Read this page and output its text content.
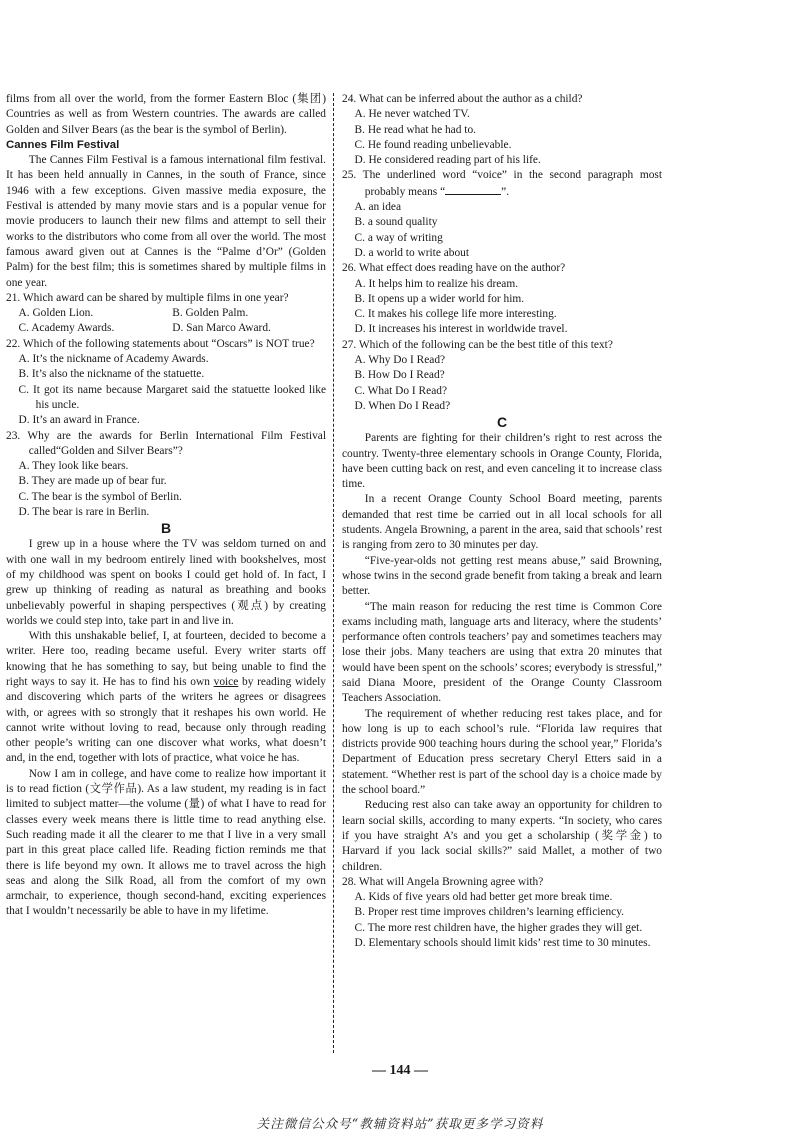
films from all over the world, from the former Eastern Bloc (集团) Countries as well as from Western countries. The awards are called Golden and Silver Bears (as the bear is the symbol of Berlin).

Cannes Film Festival

The Cannes Film Festival is a famous international film festival. It has been held annually in Cannes, in the south of France, since 1946 with a few exceptions. Given massive media exposure, the Festival is attended by many movie stars and is a popular venue for movie producers to launch their new films and attempt to sell their works to the distributors who come from all over the world. The most famous award given out at Cannes is the “Palme d’Or” (Golden Palm) for the best film; this is sometimes shared by multiple films in one year.

21. Which award can be shared by multiple films in one year?

A. Golden Lion.	B. Golden Palm.
C. Academy Awards.	D. San Marco Award.

22. Which of the following statements about “Oscars” is NOT true?

A. It’s the nickname of Academy Awards.

B. It’s also the nickname of the statuette.

C. It got its name because Margaret said the statuette looked like his uncle.

D. It’s an award in France.

23. Why are the awards for Berlin International Film Festival called“Golden and Silver Bears”?

A. They look like bears.

B. They are made up of bear fur.

C. The bear is the symbol of Berlin.

D. The bear is rare in Berlin.

B

I grew up in a house where the TV was seldom turned on and with one wall in my bedroom entirely lined with bookshelves, most of my childhood was spent on books I could get hold of. In fact, I grew up thinking of reading as natural as breathing and books unbelievably powerful in shaping perspectives (观点) by creating worlds we could step into, take part in and live in.

With this unshakable belief, I, at fourteen, decided to become a writer. Here too, reading became useful. Every writer starts off knowing that he has something to say, but being unable to find the right ways to say it. He has to find his own voice by reading widely and discovering which parts of the writers he agrees or disagrees with, or agrees with so strongly that it reshapes his own world. He cannot write without loving to read, because only through reading other people’s writing can one discover what works, what doesn’t and, in the end, together with lots of practice, what voice he has.

Now I am in college, and have come to realize how important it is to read fiction (文学作品). As a law student, my reading is in fact limited to subject matter—the volume (量) of what I have to read for classes every week means there is little time to read anything else. Such reading made it all the clearer to me that I live in a very small part in this great place called life. Reading fiction reminds me that there is life beyond my own. It allows me to travel across the high seas and along the Silk Road, all from the comfort of my own armchair, to experience, though second-hand, exciting experiences that I wouldn’t necessarily be able to have in my lifetime.

24. What can be inferred about the author as a child?

A. He never watched TV.

B. He read what he had to.

C. He found reading unbelievable.

D. He considered reading part of his life.

25. The underlined word “voice” in the second paragraph most probably means “	”.

A. an idea

B. a sound quality

C. a way of writing

D. a world to write about

26. What effect does reading have on the author?

A. It helps him to realize his dream.

B. It opens up a wider world for him.

C. It makes his college life more interesting.

D. It increases his interest in worldwide travel.

27. Which of the following can be the best title of this text?

A. Why Do I Read?

B. How Do I Read?

C. What Do I Read?

D. When Do I Read?

C

Parents are fighting for their children’s right to rest across the country. Twenty-three elementary schools in Orange County, Florida, have been cutting back on rest, and even canceling it to increase class time.

In a recent Orange County School Board meeting, parents demanded that rest time be carried out in all local schools for all students. Angela Browning, a parent in the area, said that schools’ rest is ranging from zero to 30 minutes per day.

“Five-year-olds not getting rest means abuse,” said Browning, whose twins in the second grade benefit from taking a break and learn better.

“The main reason for reducing the rest time is Common Core exams including math, language arts and literacy, where the students’ performance often controls teachers’ pay and sometimes teachers may lose their jobs. Many teachers are using that extra 20 minutes that would have been spent on the schools’ scores; everybody is stressful,” said Diana Moore, president of the Orange County Classroom Teachers Association.

The requirement of whether reducing rest takes place, and for how long is up to each school’s rule. “Florida law requires that districts provide 900 teaching hours during the school year,” Florida’s Department of Education press secretary Cheryl Etters said in a statement. “Whether rest is part of the school day is a choice made by the school board.”

Reducing rest also can take away an opportunity for children to learn social skills, according to many experts. “In society, who cares if you have straight A’s and you get a scholarship (奖学金) to Harvard if you lack social skills?” said Mallet, a mother of two children.

28. What will Angela Browning agree with?

A. Kids of five years old had better get more break time.

B. Proper rest time improves children’s learning efficiency.

C. The more rest children have, the higher grades they will get.

D. Elementary schools should limit kids’ rest time to 30 minutes.

— 144 —
关注微信公众号“教辅资料站”获取更多学习资料
